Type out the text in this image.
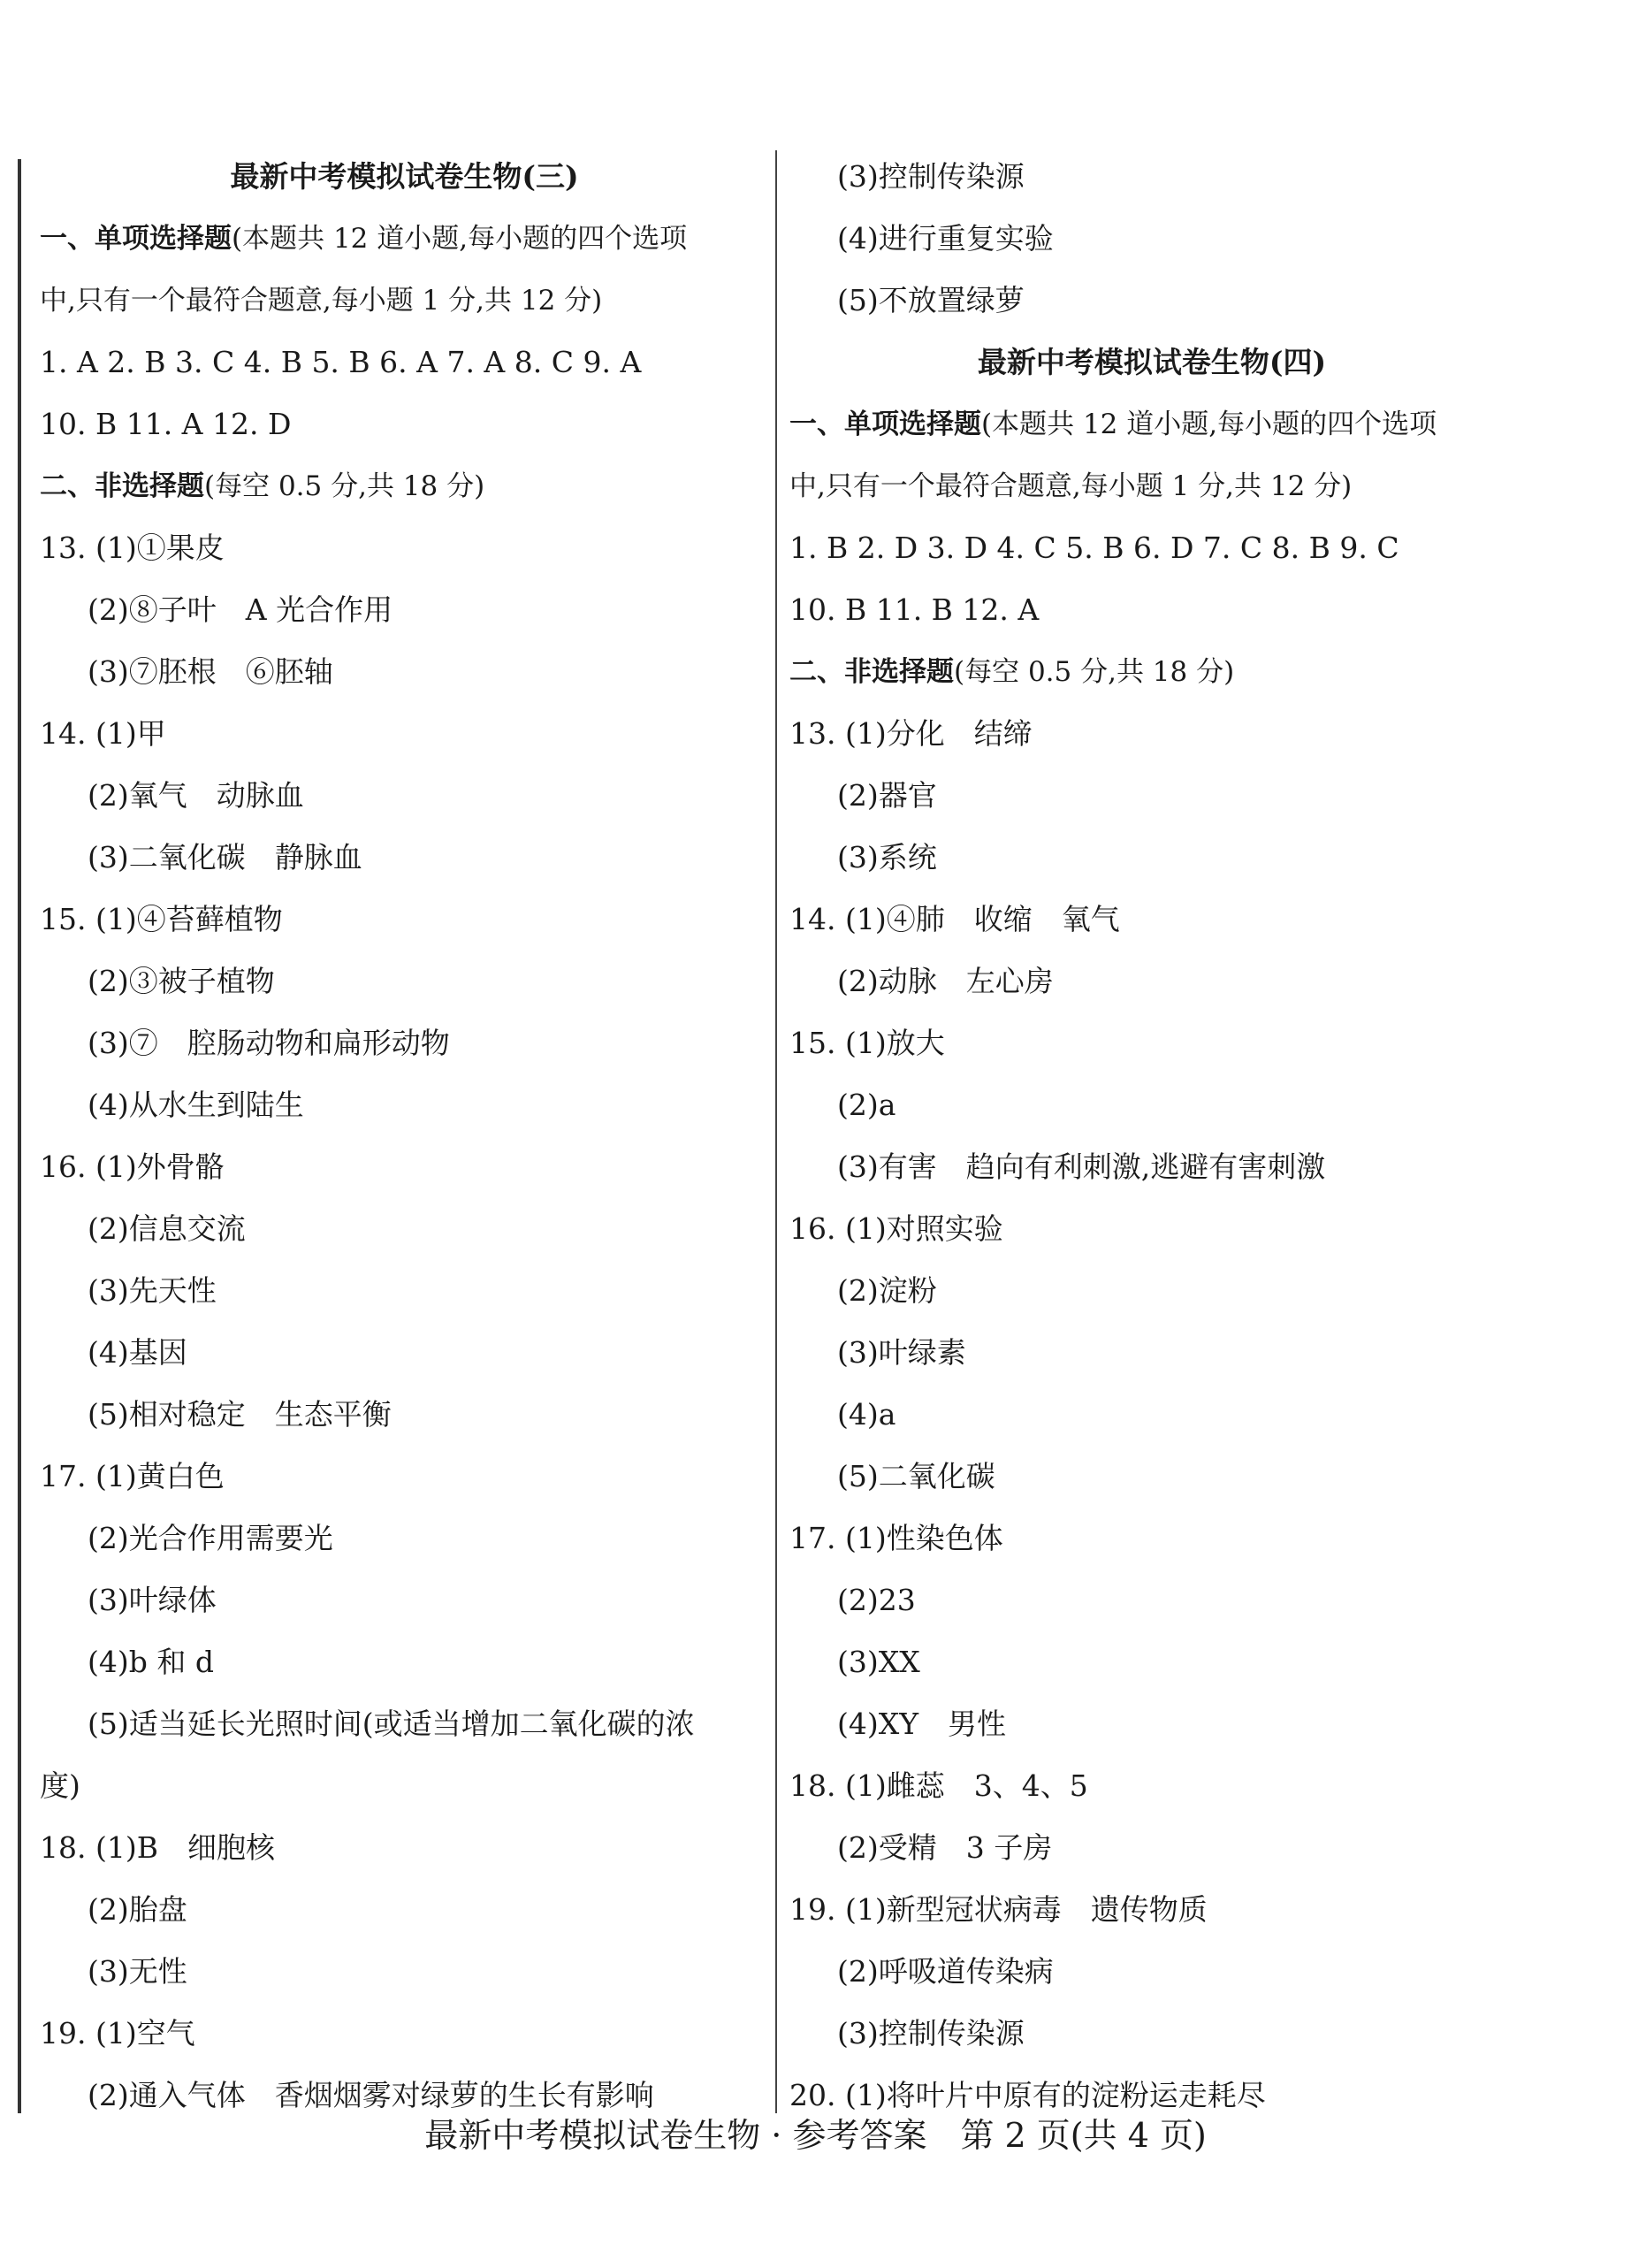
最新中考模拟试卷生物(三)
一、单项选择题(本题共 12 道小题,每小题的四个选项
中,只有一个最符合题意,每小题 1 分,共 12 分)
1. A 2. B 3. C 4. B 5. B 6. A 7. A 8. C 9. A
10. B 11. A 12. D
二、非选择题(每空 0.5 分,共 18 分)
13. (1)①果皮
(2)⑧子叶　A 光合作用
(3)⑦胚根　⑥胚轴
14. (1)甲
(2)氧气　动脉血
(3)二氧化碳　静脉血
15. (1)④苔藓植物
(2)③被子植物
(3)⑦　腔肠动物和扁形动物
(4)从水生到陆生
16. (1)外骨骼
(2)信息交流
(3)先天性
(4)基因
(5)相对稳定　生态平衡
17. (1)黄白色
(2)光合作用需要光
(3)叶绿体
(4)b 和 d
(5)适当延长光照时间(或适当增加二氧化碳的浓
度)
18. (1)B　细胞核
(2)胎盘
(3)无性
19. (1)空气
(2)通入气体　香烟烟雾对绿萝的生长有影响
(3)控制传染源
(4)进行重复实验
(5)不放置绿萝
最新中考模拟试卷生物(四)
一、单项选择题(本题共 12 道小题,每小题的四个选项
中,只有一个最符合题意,每小题 1 分,共 12 分)
1. B 2. D 3. D 4. C 5. B 6. D 7. C 8. B 9. C
10. B 11. B 12. A
二、非选择题(每空 0.5 分,共 18 分)
13. (1)分化　结缔
(2)器官
(3)系统
14. (1)④肺　收缩　氧气
(2)动脉　左心房
15. (1)放大
(2)a
(3)有害　趋向有利刺激,逃避有害刺激
16. (1)对照实验
(2)淀粉
(3)叶绿素
(4)a
(5)二氧化碳
17. (1)性染色体
(2)23
(3)XX
(4)XY　男性
18. (1)雌蕊　3、4、5
(2)受精　3 子房
19. (1)新型冠状病毒　遗传物质
(2)呼吸道传染病
(3)控制传染源
20. (1)将叶片中原有的淀粉运走耗尽
最新中考模拟试卷生物 · 参考答案　第 2 页(共 4 页)
